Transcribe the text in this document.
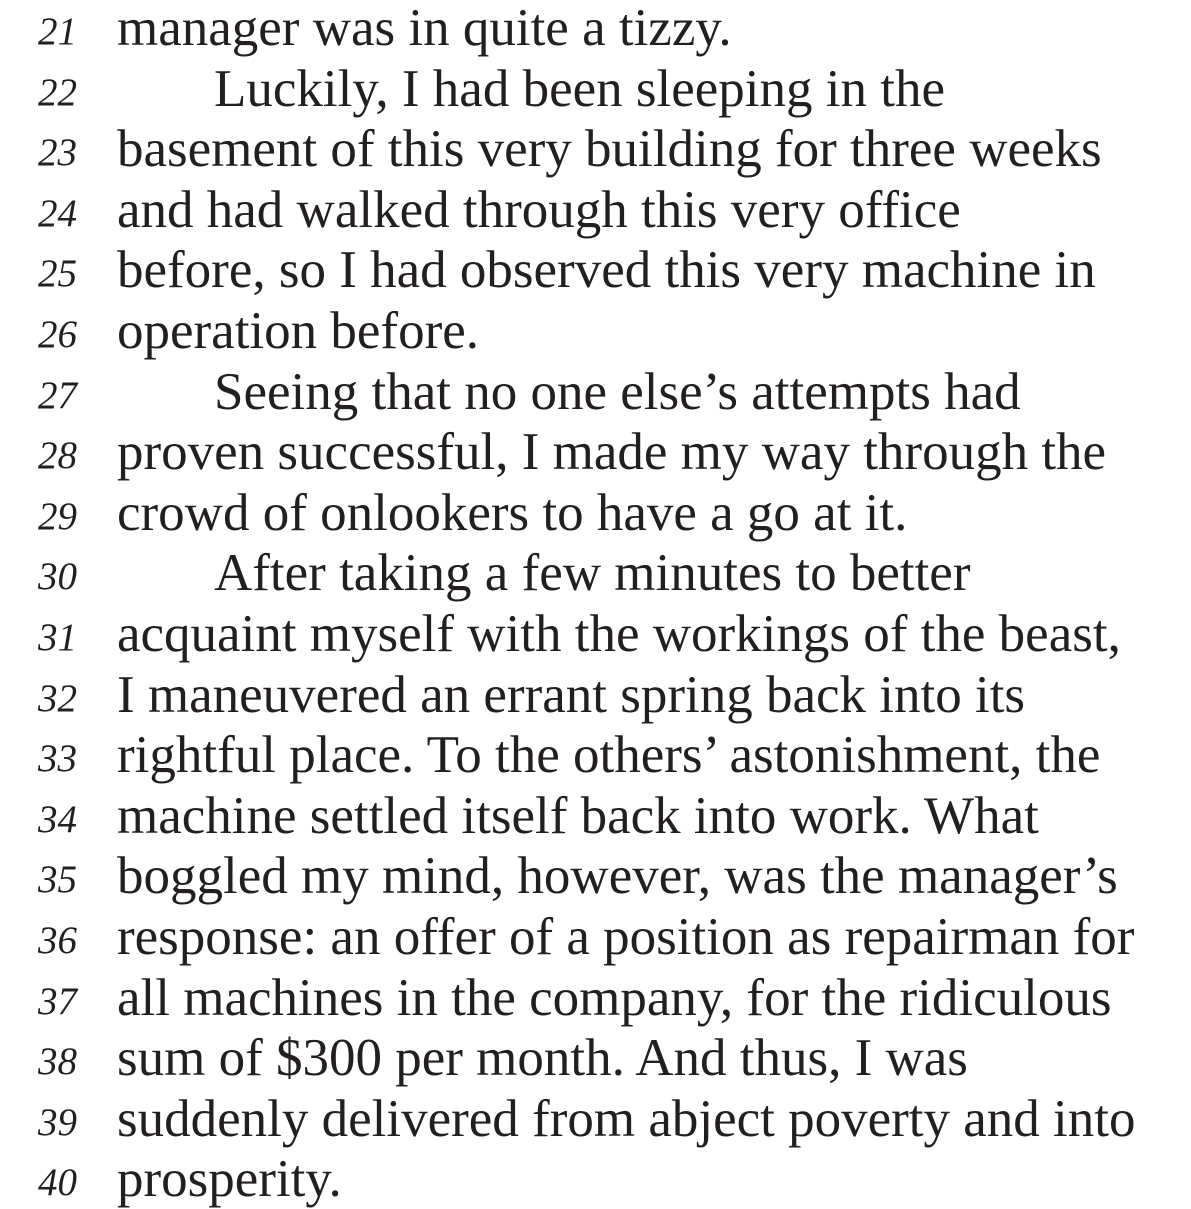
21 manager was in quite a tizzy.
22	Luckily, I had been sleeping in the
23 basement of this very building for three weeks
24 and had walked through this very office
25 before, so I had observed this very machine in
26 operation before.
27	Seeing that no one else’s attempts had
28 proven successful, I made my way through the
29 crowd of onlookers to have a go at it.
30	After taking a few minutes to better
31 acquaint myself with the workings of the beast,
32 I maneuvered an errant spring back into its
33 rightful place. To the others’ astonishment, the
34 machine settled itself back into work. What
35 boggled my mind, however, was the manager’s
36 response: an offer of a position as repairman for
37 all machines in the company, for the ridiculous
38 sum of $300 per month. And thus, I was
39 suddenly delivered from abject poverty and into
40 prosperity.
